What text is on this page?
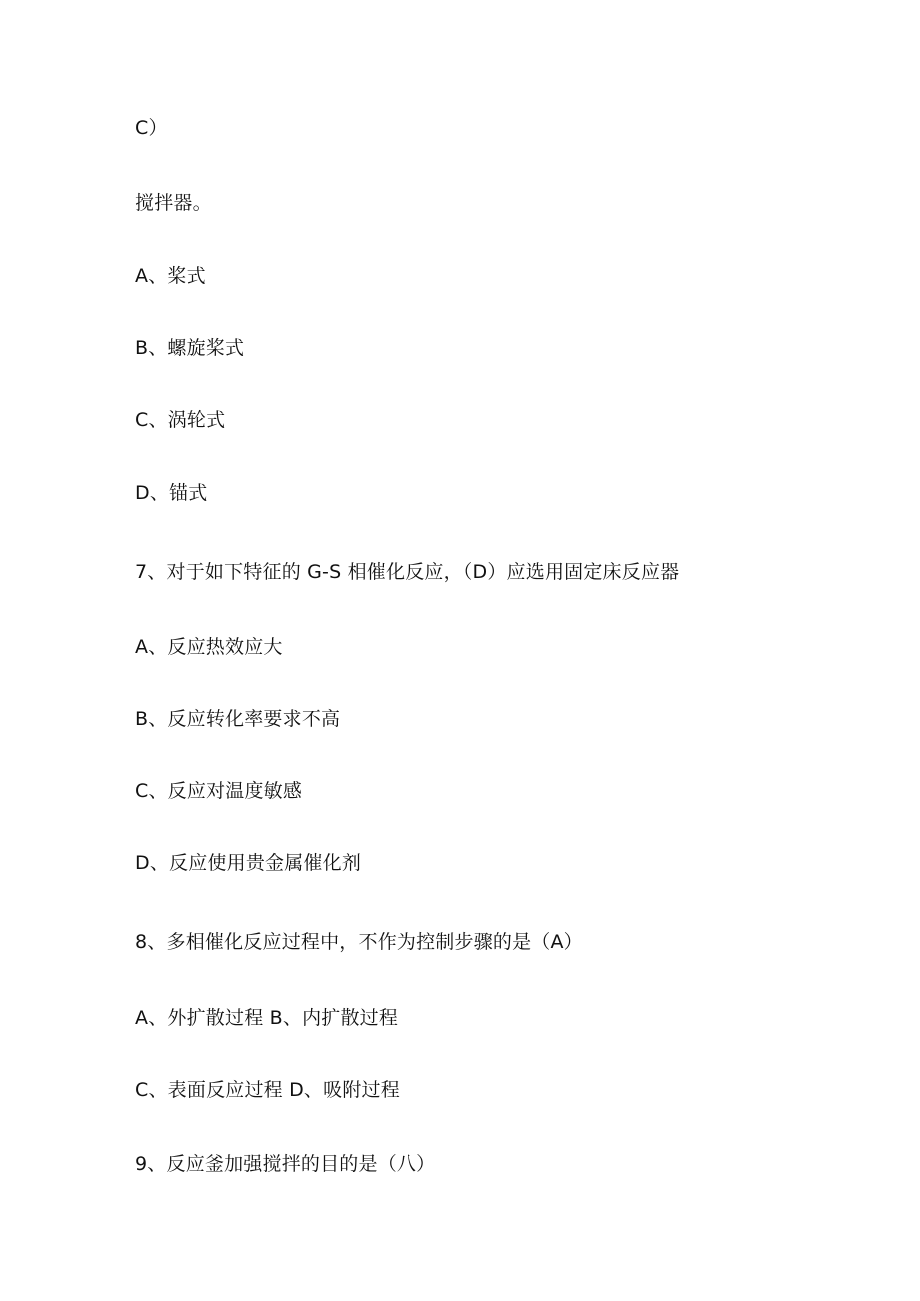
C）
搅拌器。
A、桨式
B、螺旋桨式
C、涡轮式
D、锚式
7、对于如下特征的 G-S 相催化反应，（D）应选用固定床反应器
A、反应热效应大
B、反应转化率要求不高
C、反应对温度敏感
D、反应使用贵金属催化剂
8、多相催化反应过程中，不作为控制步骤的是（A）
A、外扩散过程 B、内扩散过程
C、表面反应过程 D、吸附过程
9、反应釜加强搅拌的目的是（八）
